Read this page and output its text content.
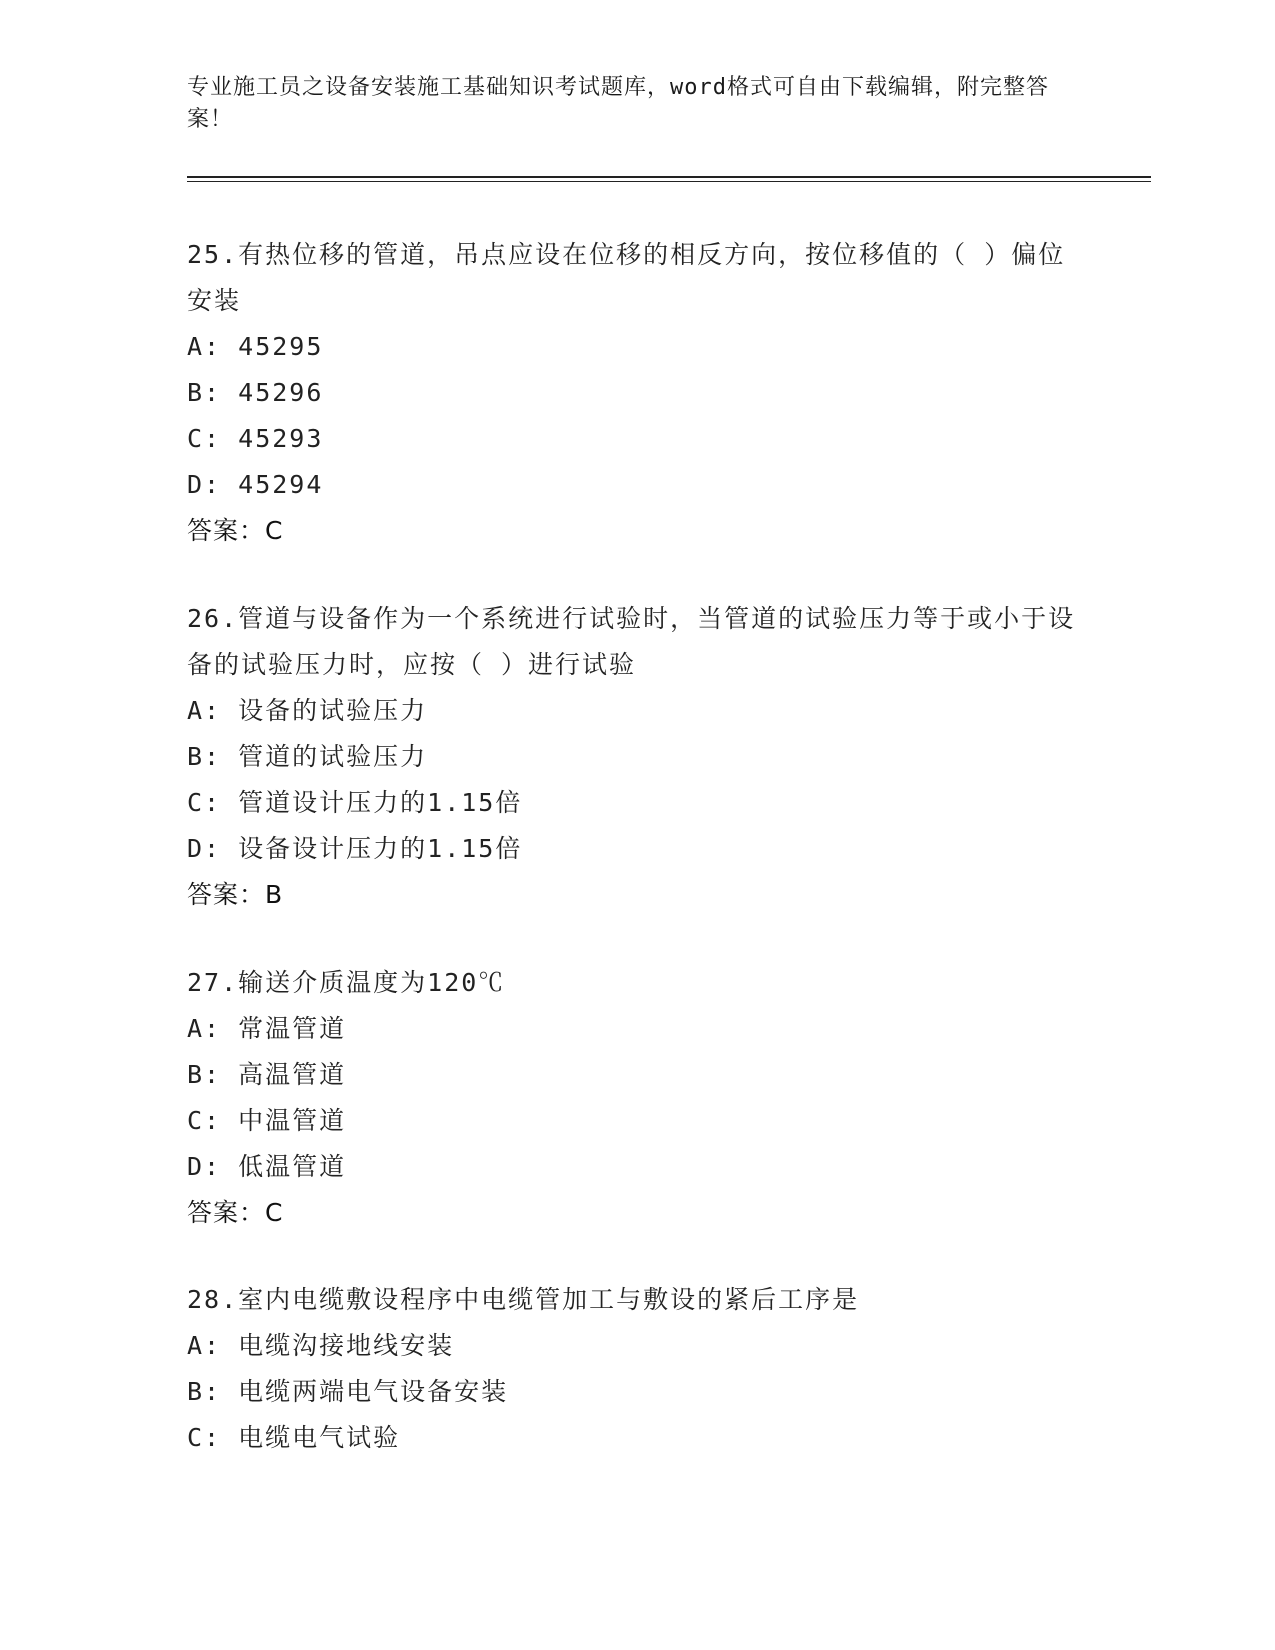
专业施工员之设备安装施工基础知识考试题库，word格式可自由下载编辑，附完整答案！
25.有热位移的管道，吊点应设在位移的相反方向，按位移值的（ ）偏位安装
A: 45295
B: 45296
C: 45293
D: 45294
答案：C
26.管道与设备作为一个系统进行试验时，当管道的试验压力等于或小于设备的试验压力时，应按（ ）进行试验
A: 设备的试验压力
B: 管道的试验压力
C: 管道设计压力的1.15倍
D: 设备设计压力的1.15倍
答案：B
27.输送介质温度为120℃
A: 常温管道
B: 高温管道
C: 中温管道
D: 低温管道
答案：C
28.室内电缆敷设程序中电缆管加工与敷设的紧后工序是
A: 电缆沟接地线安装
B: 电缆两端电气设备安装
C: 电缆电气试验
